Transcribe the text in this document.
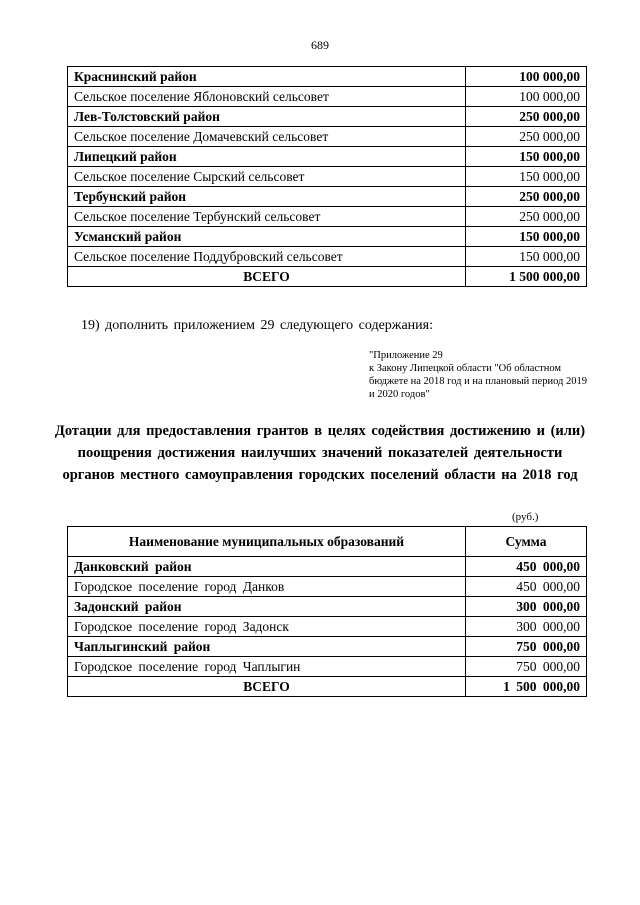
689
Краснинский район	100 000,00
Сельское поселение Яблоновский сельсовет	100 000,00
Лев-Толстовский район	250 000,00
Сельское поселение Домачевский сельсовет	250 000,00
Липецкий район	150 000,00
Сельское поселение Сырский сельсовет	150 000,00
Тербунский район	250 000,00
Сельское поселение Тербунский сельсовет	250 000,00
Усманский район	150 000,00
Сельское поселение Поддубровский сельсовет	150 000,00
ВСЕГО	1 500 000,00
19) дополнить приложением 29 следующего содержания:
"Приложение 29
к Закону Липецкой области "Об областном бюджете на 2018 год и на плановый период 2019 и 2020 годов"
Дотации для предоставления грантов в целях содействия достижению и (или) поощрения достижения наилучших значений показателей деятельности органов местного самоуправления городских поселений области на 2018 год
(руб.)
Наименование муниципальных образований	Сумма
Данковский район	450 000,00
Городское поселение город Данков	450 000,00
Задонский район	300 000,00
Городское поселение город Задонск	300 000,00
Чаплыгинский район	750 000,00
Городское поселение город Чаплыгин	750 000,00
ВСЕГО	1 500 000,00
